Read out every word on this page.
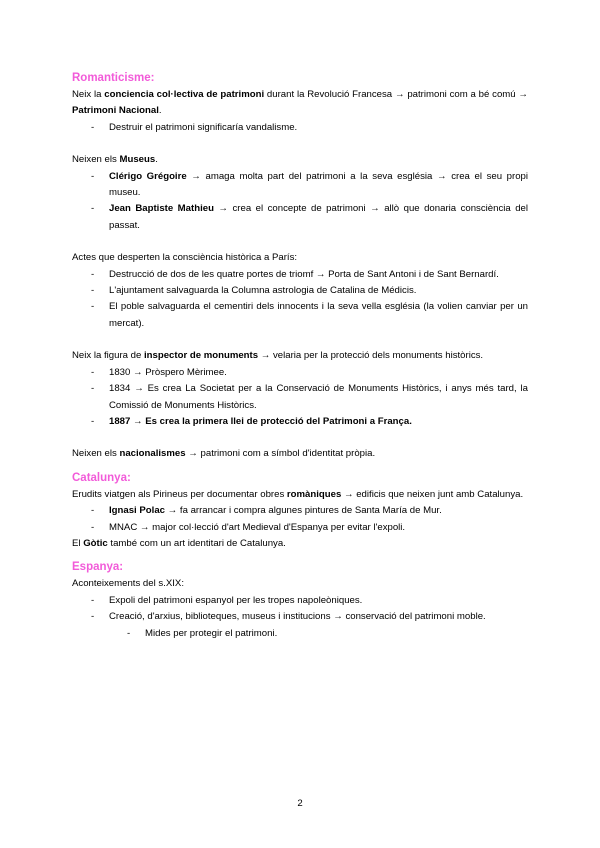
Romanticisme:
Neix la conciencia col·lectiva de patrimoni durant la Revolució Francesa → patrimoni com a bé comú → Patrimoni Nacional.
- Destruir el patrimoni significaría vandalisme.
Neixen els Museus.
- Clérigo Grégoire → amaga molta part del patrimoni a la seva església → crea el seu propi museu.
- Jean Baptiste Mathieu → crea el concepte de patrimoni → allò que donaria consciència del passat.
Actes que desperten la consciència històrica a París:
- Destrucció de dos de les quatre portes de triomf → Porta de Sant Antoni i de Sant Bernardí.
- L'ajuntament salvaguarda la Columna astrologia de Catalina de Médicis.
- El poble salvaguarda el cementiri dels innocents i la seva vella església (la volien canviar per un mercat).
Neix la figura de inspector de monuments → velaria per la protecció dels monuments històrics.
- 1830 → Pròspero Mèrimee.
- 1834 → Es crea La Societat per a la Conservació de Monuments Històrics, i anys més tard, la Comissió de Monuments Històrics.
- 1887 → Es crea la primera llei de protecció del Patrimoni a França.
Neixen els nacionalismes → patrimoni com a símbol d'identitat pròpia.
Catalunya:
Erudits viatgen als Pirineus per documentar obres romàniques → edificis que neixen junt amb Catalunya.
- Ignasi Polac → fa arrancar i compra algunes pintures de Santa María de Mur.
- MNAC → major col·lecció d'art Medieval d'Espanya per evitar l'expoli.
El Gòtic també com un art identitari de Catalunya.
Espanya:
Aconteixements del s.XIX:
- Expoli del patrimoni espanyol per les tropes napoleòniques.
- Creació, d'arxius, biblioteques, museus i institucions → conservació del patrimoni moble.
- Mides per protegir el patrimoni.
2
